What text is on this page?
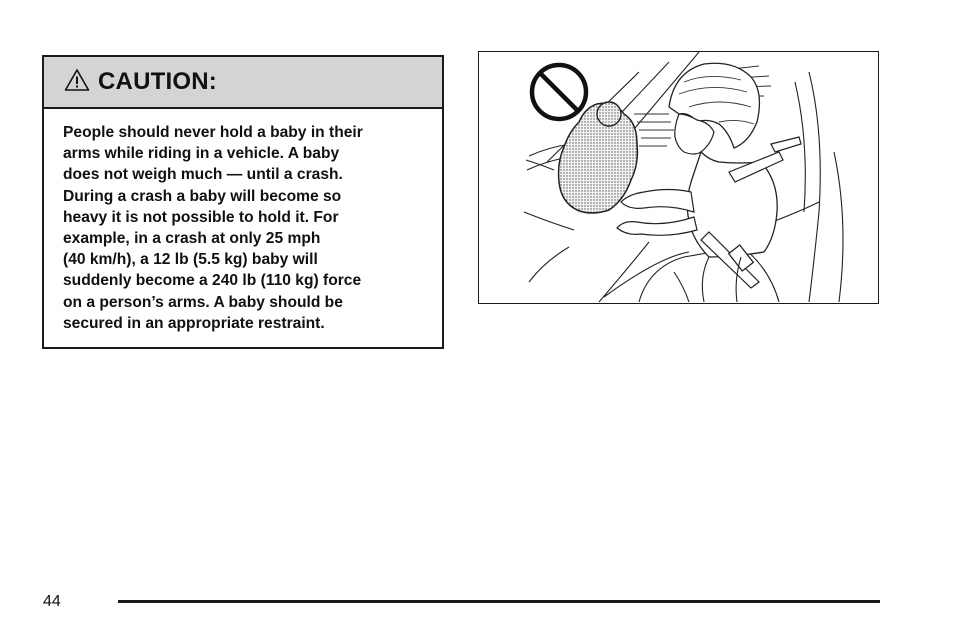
CAUTION:
People should never hold a baby in their
arms while riding in a vehicle. A baby
does not weigh much — until a crash.
During a crash a baby will become so
heavy it is not possible to hold it. For
example, in a crash at only 25 mph
(40 km/h), a 12 lb (5.5 kg) baby will
suddenly become a 240 lb (110 kg) force
on a person’s arms. A baby should be
secured in an appropriate restraint.
44
